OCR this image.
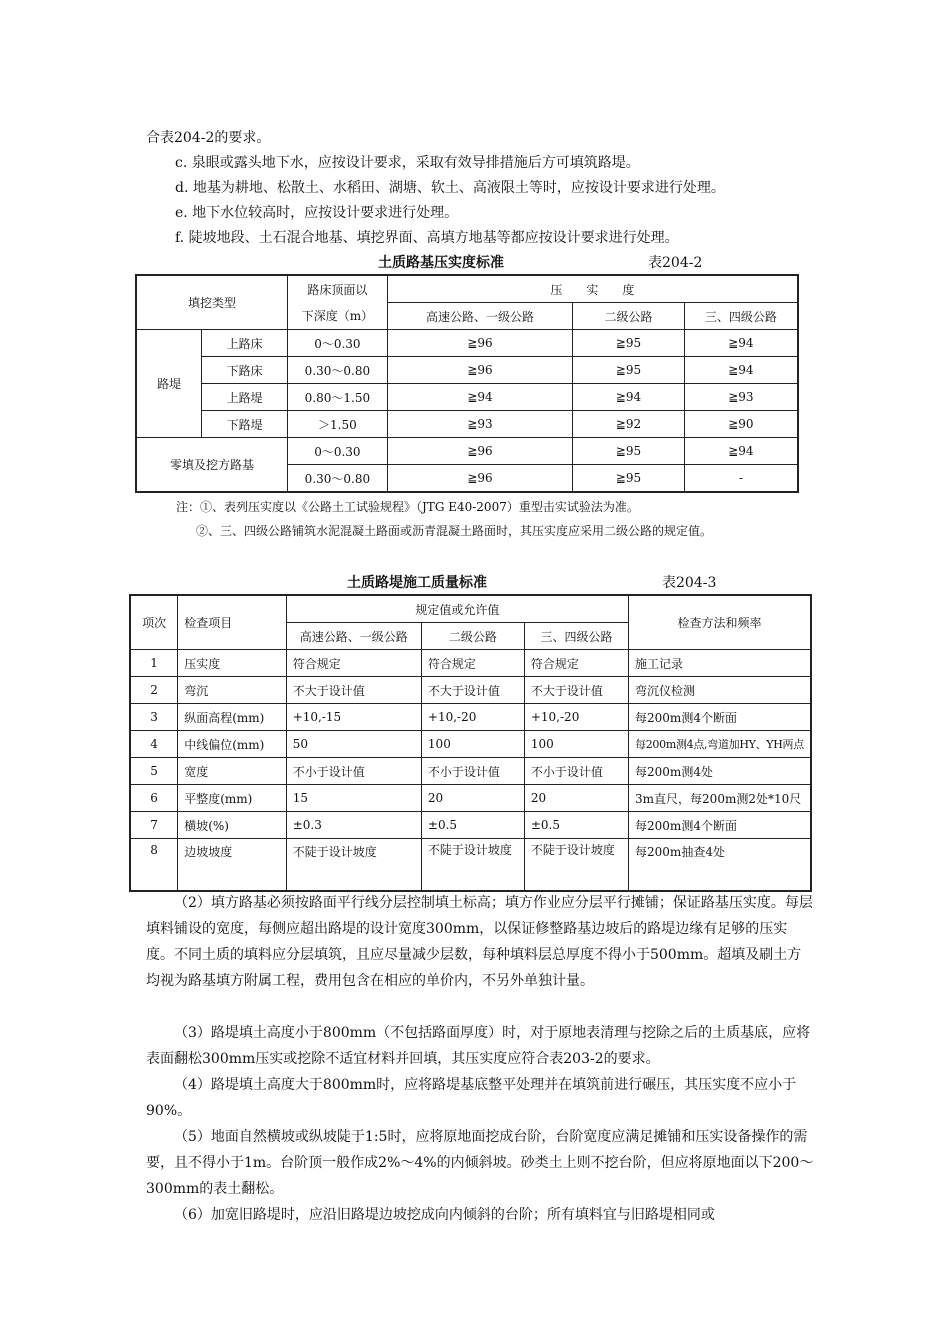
合表204-2的要求。
c. 泉眼或露头地下水，应按设计要求，采取有效导排措施后方可填筑路堤。
d. 地基为耕地、松散土、水稻田、湖塘、软土、高液限土等时，应按设计要求进行处理。
e. 地下水位较高时，应按设计要求进行处理。
f. 陡坡地段、土石混合地基、填挖界面、高填方地基等都应按设计要求进行处理。
土质路基压实度标准	表204-2
填挖类型		路床顶面以	压　　实　　度		
		下深度（m）	高速公路、一级公路	二级公路	三、四级公路
路堤	上路床	0～0.30	≧96	≧95	≧94
	下路床	0.30～0.80	≧96	≧95	≧94
	上路堤	0.80～1.50	≧94	≧94	≧93
	下路堤	＞1.50	≧93	≧92	≧90
零填及挖方路基		0～0.30	≧96	≧95	≧94
		0.30～0.80	≧96	≧95	-
注：①、表列压实度以《公路土工试验规程》（JTG E40-2007）重型击实试验法为准。
②、三、四级公路铺筑水泥混凝土路面或沥青混凝土路面时，其压实度应采用二级公路的规定值。
土质路堤施工质量标准	表204-3
项次	检查项目	规定值或允许值			检查方法和频率
		高速公路、一级公路	二级公路	三、四级公路	
1	压实度	符合规定	符合规定	符合规定	施工记录
2	弯沉	不大于设计值	不大于设计值	不大于设计值	弯沉仪检测
3	纵面高程(mm)	+10,-15	+10,-20	+10,-20	每200m测4个断面
4	中线偏位(mm)	50	100	100	每200m测4点,弯道加HY、YH两点
5	宽度	不小于设计值	不小于设计值	不小于设计值	每200m测4处
6	平整度(mm)	15	20	20	3m直尺，每200m测2处*10尺
7	横坡(%)	±0.3	±0.5	±0.5	每200m测4个断面
8	边坡坡度	不陡于设计坡度	不陡于设计坡度	不陡于设计坡度	每200m抽查4处
（2）填方路基必须按路面平行线分层控制填土标高；填方作业应分层平行摊铺；保证路基压实度。每层填料铺设的宽度，每侧应超出路堤的设计宽度300mm，以保证修整路基边坡后的路堤边缘有足够的压实度。不同土质的填料应分层填筑，且应尽量减少层数，每种填料层总厚度不得小于500mm。超填及刷土方均视为路基填方附属工程，费用包含在相应的单价内，不另外单独计量。
（3）路堤填土高度小于800mm（不包括路面厚度）时，对于原地表清理与挖除之后的土质基底，应将表面翻松300mm压实或挖除不适宜材料并回填，其压实度应符合表203-2的要求。
（4）路堤填土高度大于800mm时，应将路堤基底整平处理并在填筑前进行碾压，其压实度不应小于90%。
（5）地面自然横坡或纵坡陡于1:5时，应将原地面挖成台阶，台阶宽度应满足摊铺和压实设备操作的需要，且不得小于1m。台阶顶一般作成2%～4%的内倾斜坡。砂类土上则不挖台阶，但应将原地面以下200～300mm的表土翻松。
（6）加宽旧路堤时，应沿旧路堤边坡挖成向内倾斜的台阶；所有填料宜与旧路堤相同或
